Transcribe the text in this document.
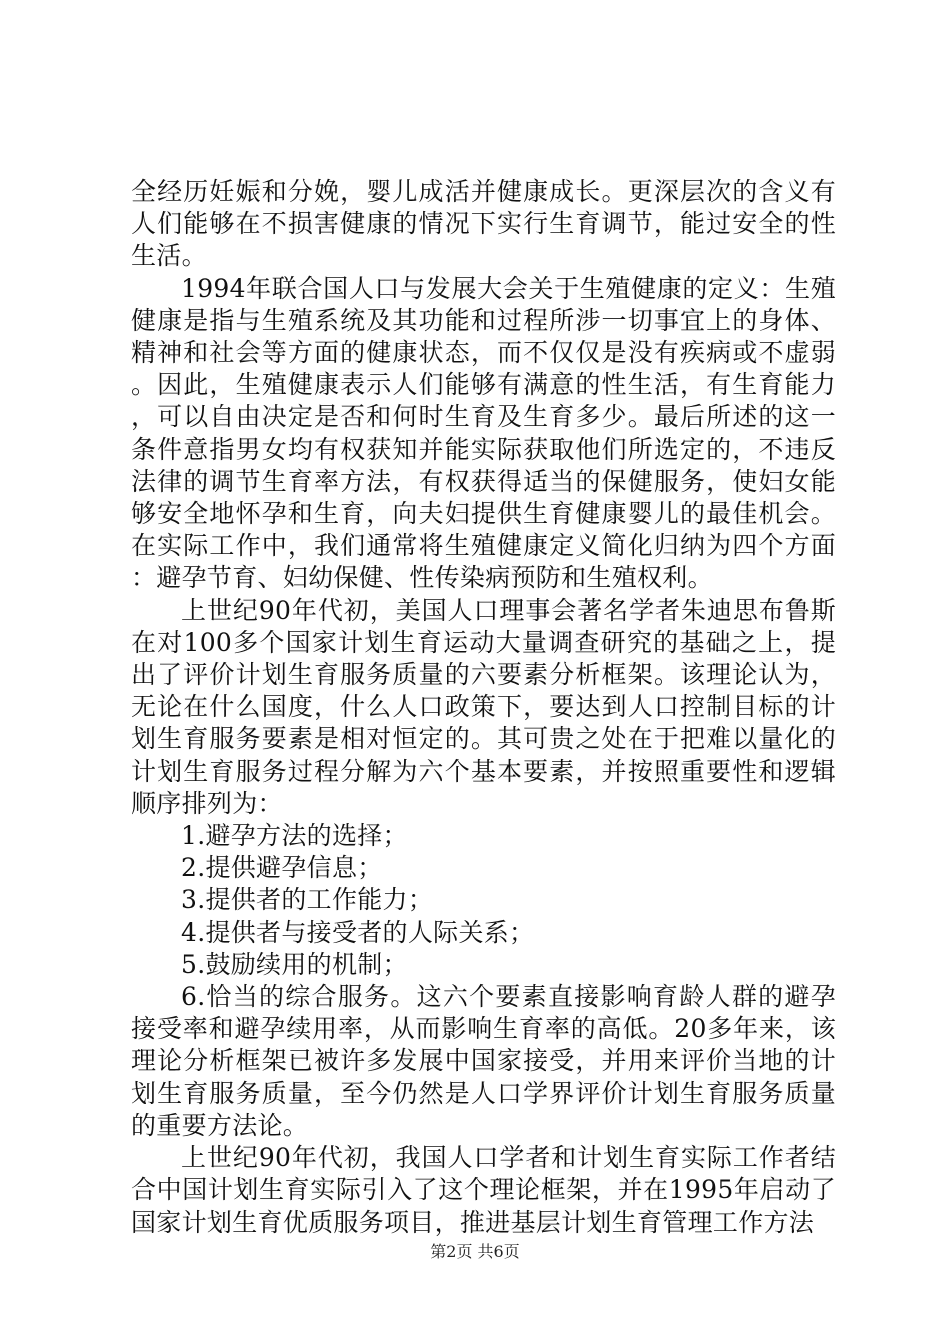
全经历妊娠和分娩，婴儿成活并健康成长。更深层次的含义有人们能够在不损害健康的情况下实行生育调节，能过安全的性生活。

1994年联合国人口与发展大会关于生殖健康的定义：生殖健康是指与生殖系统及其功能和过程所涉一切事宜上的身体、精神和社会等方面的健康状态，而不仅仅是没有疾病或不虚弱。因此，生殖健康表示人们能够有满意的性生活，有生育能力，可以自由决定是否和何时生育及生育多少。最后所述的这一条件意指男女均有权获知并能实际获取他们所选定的，不违反法律的调节生育率方法，有权获得适当的保健服务，使妇女能够安全地怀孕和生育，向夫妇提供生育健康婴儿的最佳机会。在实际工作中，我们通常将生殖健康定义简化归纳为四个方面：避孕节育、妇幼保健、性传染病预防和生殖权利。

上世纪90年代初，美国人口理事会著名学者朱迪思布鲁斯在对100多个国家计划生育运动大量调查研究的基础之上，提出了评价计划生育服务质量的六要素分析框架。该理论认为，无论在什么国度，什么人口政策下，要达到人口控制目标的计划生育服务要素是相对恒定的。其可贵之处在于把难以量化的计划生育服务过程分解为六个基本要素，并按照重要性和逻辑顺序排列为：

1.避孕方法的选择；

2.提供避孕信息；

3.提供者的工作能力；

4.提供者与接受者的人际关系；

5.鼓励续用的机制；

6.恰当的综合服务。这六个要素直接影响育龄人群的避孕接受率和避孕续用率，从而影响生育率的高低。20多年来，该理论分析框架已被许多发展中国家接受，并用来评价当地的计划生育服务质量，至今仍然是人口学界评价计划生育服务质量的重要方法论。

上世纪90年代初，我国人口学者和计划生育实际工作者结合中国计划生育实际引入了这个理论框架，并在1995年启动了国家计划生育优质服务项目，推进基层计划生育管理工作方法

第2页 共6页
